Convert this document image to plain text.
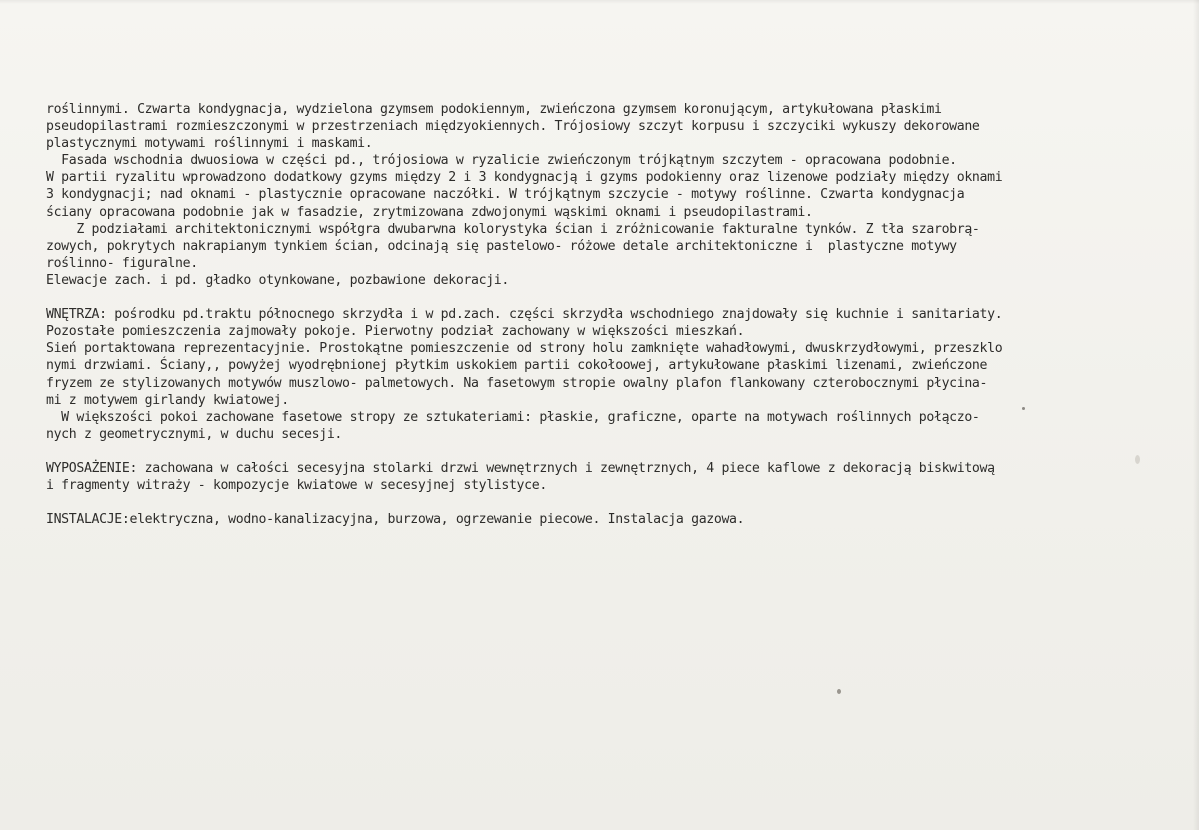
roślinnymi. Czwarta kondygnacja, wydzielona gzymsem podokiennym, zwieńczona gzymsem koronującym, artykułowana płaskimi
pseudopilastrami rozmieszczonymi w przestrzeniach międzyokiennych. Trójosiowy szczyt korpusu i szczyciki wykuszy dekorowane
plastycznymi motywami roślinnymi i maskami.
Fasada wschodnia dwuosiowa w części pd., trójosiowa w ryzalicie zwieńczonym trójkątnym szczytem - opracowana podobnie.
W partii ryzalitu wprowadzono dodatkowy gzyms między 2 i 3 kondygnacją i gzyms podokienny oraz lizenowe podziały między oknami
3 kondygnacji; nad oknami - plastycznie opracowane naczółki. W trójkątnym szczycie - motywy roślinne. Czwarta kondygnacja
ściany opracowana podobnie jak w fasadzie, zrytmizowana zdwojonymi wąskimi oknami i pseudopilastrami.
Z podziałami architektonicznymi współgra dwubarwna kolorystyka ścian i zróżnicowanie fakturalne tynków. Z tła szarobrą-
zowych, pokrytych nakrapianym tynkiem ścian, odcinają się pastelowo- różowe detale architektoniczne i  plastyczne motywy
roślinno- figuralne.
Elewacje zach. i pd. gładko otynkowane, pozbawione dekoracji.
WNĘTRZA: pośrodku pd.traktu północnego skrzydła i w pd.zach. części skrzydła wschodniego znajdowały się kuchnie i sanitariaty.
Pozostałe pomieszczenia zajmowały pokoje. Pierwotny podział zachowany w większości mieszkań.
Sień portaktowana reprezentacyjnie. Prostokątne pomieszczenie od strony holu zamknięte wahadłowymi, dwuskrzydłowymi, przeszklo
nymi drzwiami. Ściany,, powyżej wyodrębnionej płytkim uskokiem partii cokołoowej, artykułowane płaskimi lizenami, zwieńczone
fryzem ze stylizowanych motywów muszlowo- palmetowych. Na fasetowym stropie owalny plafon flankowany czterobocznymi płycina-
mi z motywem girlandy kwiatowej.
W większości pokoi zachowane fasetowe stropy ze sztukateriami: płaskie, graficzne, oparte na motywach roślinnych połączo-
nych z geometrycznymi, w duchu secesji.
WYPOSAŻENIE: zachowana w całości secesyjna stolarki drzwi wewnętrznych i zewnętrznych, 4 piece kaflowe z dekoracją biskwitową
i fragmenty witraży - kompozycje kwiatowe w secesyjnej stylistyce.
INSTALACJE:elektryczna, wodno-kanalizacyjna, burzowa, ogrzewanie piecowe. Instalacja gazowa.
